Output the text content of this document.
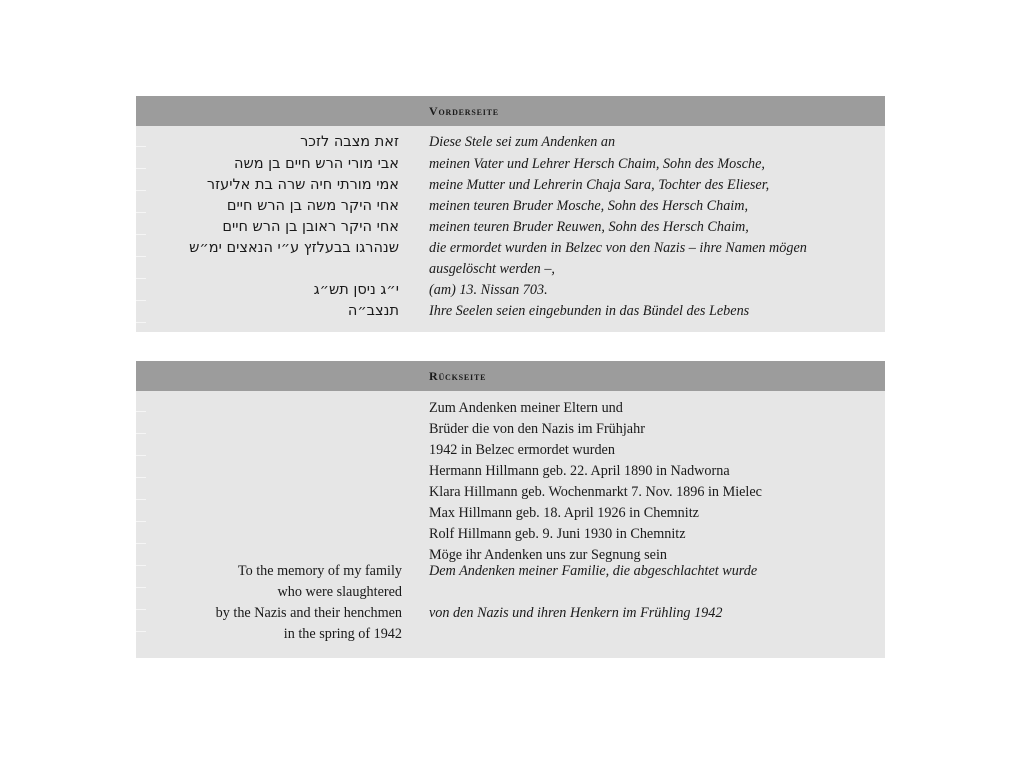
Vorderseite
זאת מצבה לזכר
אבי מורי הרש חיים בן משה
אמי מורתי חיה שרה בת אליעזר
אחי היקר משה בן הרש חיים
אחי היקר ראובן בן הרש חיים
שנהרגו בבעלזץ ע״י הנאצים ימ״ש
י״ג ניסן תש״ג
תנצב״ה
Diese Stele sei zum Andenken an
meinen Vater und Lehrer Hersch Chaim, Sohn des Mosche,
meine Mutter und Lehrerin Chaja Sara, Tochter des Elieser,
meinen teuren Bruder Mosche, Sohn des Hersch Chaim,
meinen teuren Bruder Reuwen, Sohn des Hersch Chaim,
die ermordet wurden in Belzec von den Nazis – ihre Namen mögen
ausgelöscht werden –,
(am) 13. Nissan 703.
Ihre Seelen seien eingebunden in das Bündel des Lebens
Rückseite
Zum Andenken meiner Eltern und
Brüder die von den Nazis im Frühjahr
1942 in Belzec ermordet wurden
Hermann Hillmann geb. 22. April 1890 in Nadworna
Klara Hillmann geb. Wochenmarkt 7. Nov. 1896 in Mielec
Max Hillmann geb. 18. April 1926 in Chemnitz
Rolf Hillmann geb. 9. Juni 1930 in Chemnitz
Möge ihr Andenken uns zur Segnung sein
To the memory of my family
who were slaughtered
by the Nazis and their henchmen
in the spring of 1942
Dem Andenken meiner Familie, die abgeschlachtet wurde
von den Nazis und ihren Henkern im Frühling 1942
